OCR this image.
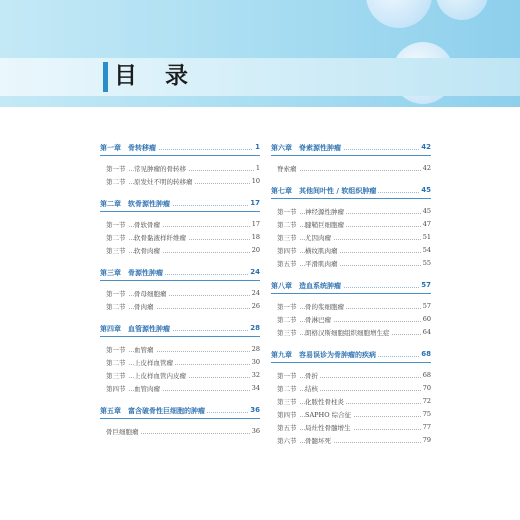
目 录
第一章　骨转移瘤	1
第一节	常见肿瘤的骨转移	1
第二节	原发灶不明的转移瘤	10
第二章　软骨源性肿瘤	17
第一节	骨软骨瘤	17
第二节	软骨黏液样纤维瘤	18
第三节	软骨肉瘤	20
第三章　骨源性肿瘤	24
第一节	骨母细胞瘤	24
第二节	骨肉瘤	26
第四章　血管源性肿瘤	28
第一节	血管瘤	28
第二节	上皮样血管瘤	30
第三节	上皮样血管内皮瘤	32
第四节	血管肉瘤	34
第五章　富含破骨性巨细胞的肿瘤	36
骨巨细胞瘤	36
第六章　脊索源性肿瘤	42
脊索瘤	42
第七章　其他间叶性 / 软组织肿瘤	45
第一节	神经源性肿瘤	45
第二节	腱鞘巨细胞瘤	47
第三节	尤因肉瘤	51
第四节	横纹肌肉瘤	54
第五节	平滑肌肉瘤	55
第八章　造血系统肿瘤	57
第一节	骨的浆细胞瘤	57
第二节	骨淋巴瘤	60
第三节	朗格汉斯细胞组织细胞增生症	64
第九章　容易误诊为骨肿瘤的疾病	68
第一节	骨折	68
第二节	结核	70
第三节	化脓性骨柱炎	72
第四节	SAPHO 综合征	75
第五节	局灶性骨髓增生	77
第六节	骨髓坏死	79
